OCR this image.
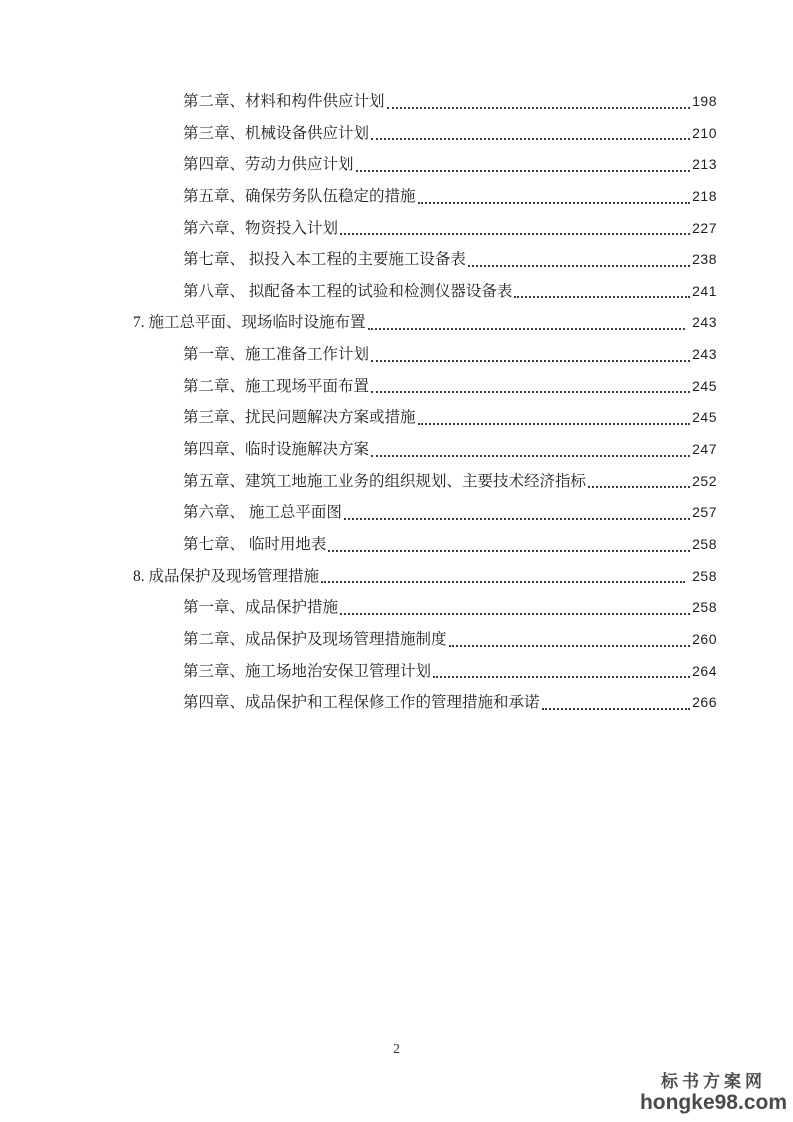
第二章、材料和构件供应计划	198
第三章、机械设备供应计划	210
第四章、劳动力供应计划	213
第五章、确保劳务队伍稳定的措施	218
第六章、物资投入计划	227
第七章、 拟投入本工程的主要施工设备表	238
第八章、 拟配备本工程的试验和检测仪器设备表	241
7. 施工总平面、现场临时设施布置	243
第一章、施工准备工作计划	243
第二章、施工现场平面布置	245
第三章、扰民问题解决方案或措施	245
第四章、临时设施解决方案	247
第五章、建筑工地施工业务的组织规划、主要技术经济指标	252
第六章、 施工总平面图	257
第七章、 临时用地表	258
8. 成品保护及现场管理措施	258
第一章、成品保护措施	258
第二章、成品保护及现场管理措施制度	260
第三章、施工场地治安保卫管理计划	264
第四章、成品保护和工程保修工作的管理措施和承诺	266
2
标书方案网
hongke98.com
